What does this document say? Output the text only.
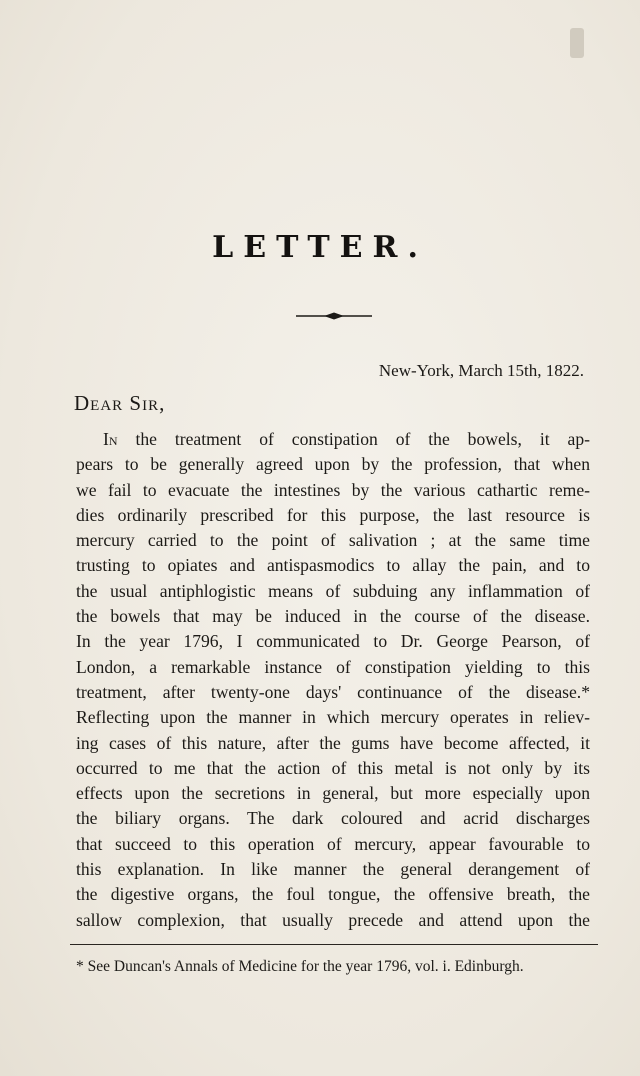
LETTER.
New-York, March 15th, 1822.
Dear Sir,
In the treatment of constipation of the bowels, it ap-
pears to be generally agreed upon by the profession, that when
we fail to evacuate the intestines by the various cathartic reme-
dies ordinarily prescribed for this purpose, the last resource is
mercury carried to the point of salivation ; at the same time
trusting to opiates and antispasmodics to allay the pain, and to
the usual antiphlogistic means of subduing any inflammation of
the bowels that may be induced in the course of the disease.
In the year 1796, I communicated to Dr. George Pearson, of
London, a remarkable instance of constipation yielding to this
treatment, after twenty-one days' continuance of the disease.*
Reflecting upon the manner in which mercury operates in reliev-
ing cases of this nature, after the gums have become affected, it
occurred to me that the action of this metal is not only by its
effects upon the secretions in general, but more especially upon
the biliary organs. The dark coloured and acrid discharges
that succeed to this operation of mercury, appear favourable to
this explanation. In like manner the general derangement of
the digestive organs, the foul tongue, the offensive breath, the
sallow complexion, that usually precede and attend upon the
* See Duncan's Annals of Medicine for the year 1796, vol. i. Edinburgh.
